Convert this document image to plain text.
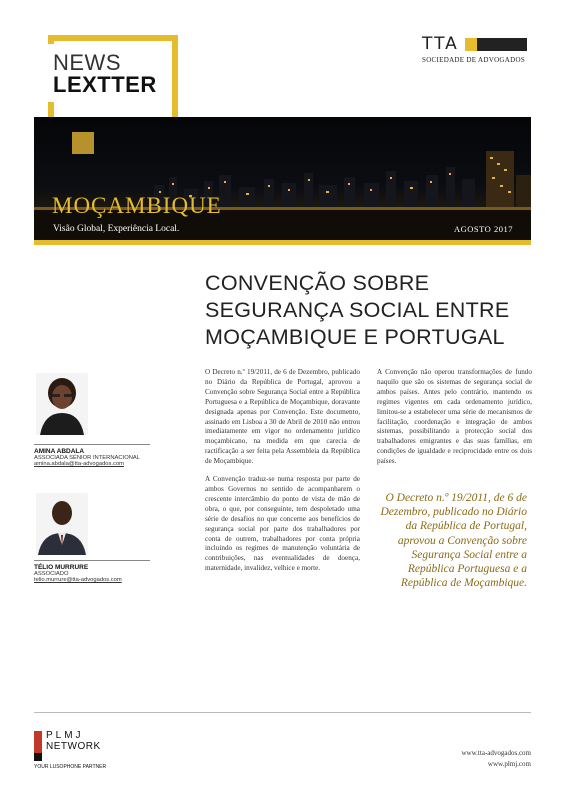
NEWS
LEXTTER
TTA
SOCIEDADE DE ADVOGADOS
MOÇAMBIQUE
Visão Global, Experiência Local.	AGOSTO 2017
CONVENÇÃO SOBRE
SEGURANÇA SOCIAL ENTRE
MOÇAMBIQUE E PORTUGAL
AMINA ABDALA
ASSOCIADA SÉNIOR INTERNACIONAL
amina.abdala@tta-advogados.com
TÉLIO MURRURE
ASSOCIADO
telio.murrure@tta-advogados.com

O Decreto n.º 19/2011, de 6 de Dezembro, publicado no Diário da República de Portugal, aprovou a Convenção sobre Segurança Social entre a República Portuguesa e a República de Moçambique, doravante designada apenas por Convenção. Este documento, assinado em Lisboa a 30 de Abril de 2010 não entrou imediatamente em vigor no ordenamento jurídico moçambicano, na medida em que carecia de ractificação a ser feita pela Assembleia da República de Moçambique.

A Convenção traduz-se numa resposta por parte de ambos Governos no sentido de acompanharem o crescente intercâmbio do ponto de vista de mão de obra, o que, por conseguinte, tem despoletado uma série de desafios no que concerne aos benefícios de segurança social por parte dos trabalhadores por conta de outrem, trabalhadores por conta própria incluindo os regimes de manutenção voluntária de contribuições, nas eventualidades de doença, maternidade, invalidez, velhice e morte.

A Convenção não operou transformações de fundo naquilo que são os sistemas de segurança social de ambos países. Antes pelo contrário, mantendo os regimes vigentes em cada ordenamento jurídico, limitou-se a estabelecer uma série de mecanismos de facilitação, coordenação e integração de ambos sistemas, possibilitando a protecção social dos trabalhadores emigrantes e das suas famílias, em condições de igualdade e reciprocidade entre os dois países.

O Decreto n.º 19/2011, de 6 de Dezembro, publicado no Diário da República de Portugal, aprovou a Convenção sobre Segurança Social entre a República Portuguesa e a República de Moçambique.
PLMJ
NETWORK
YOUR LUSOPHONE PARTNER
www.tta-advogados.com
www.plmj.com
